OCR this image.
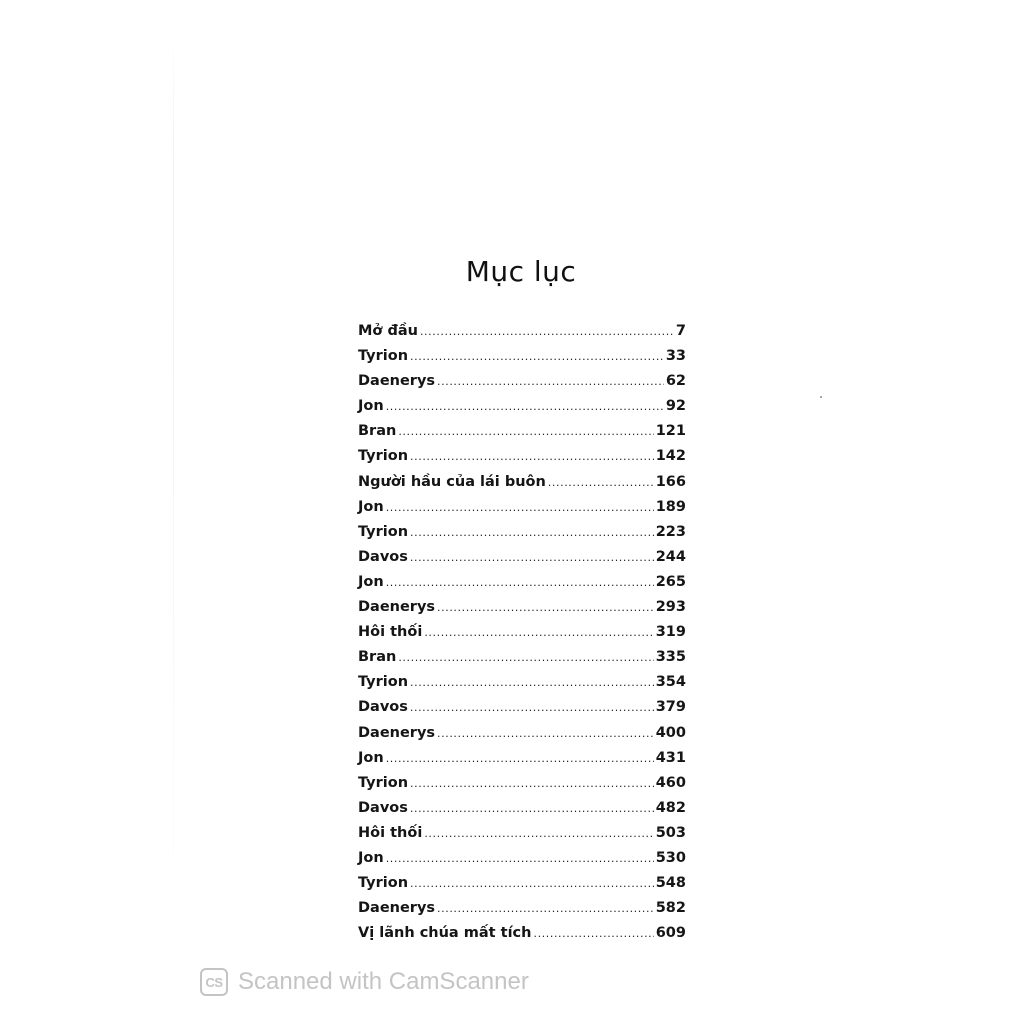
Mục lục
Mở đầu .....	7
Tyrion .....	33
Daenerys .....	62
Jon .....	92
Bran .....	121
Tyrion .....	142
Người hầu của lái buôn .....	166
Jon .....	189
Tyrion .....	223
Davos .....	244
Jon .....	265
Daenerys .....	293
Hôi thối .....	319
Bran .....	335
Tyrion .....	354
Davos .....	379
Daenerys .....	400
Jon .....	431
Tyrion .....	460
Davos .....	482
Hôi thối .....	503
Jon .....	530
Tyrion .....	548
Daenerys .....	582
Vị lãnh chúa mất tích .....	609
CS Scanned with CamScanner
